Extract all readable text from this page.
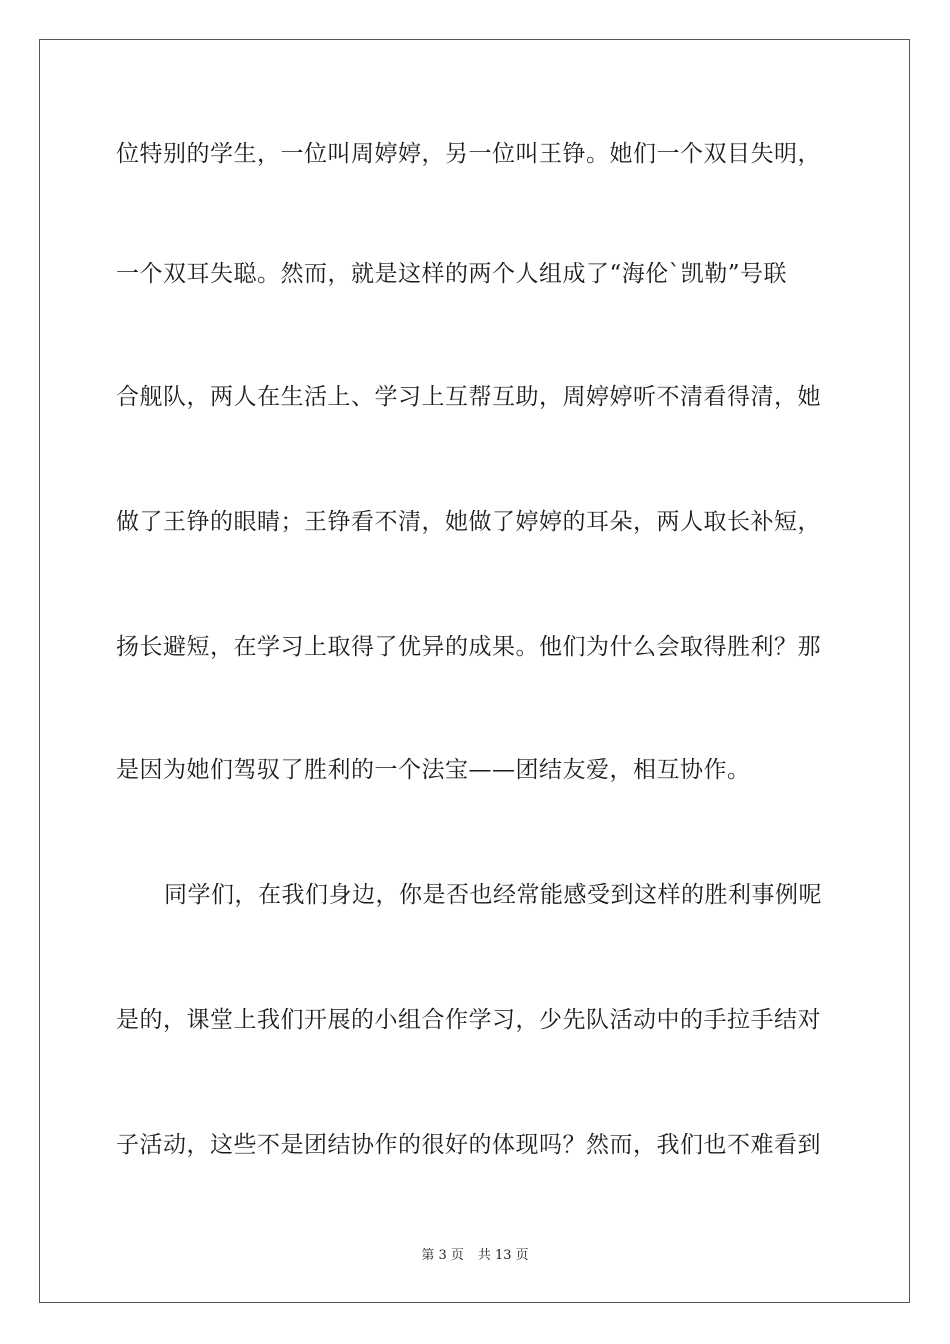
位特别的学生，一位叫周婷婷，另一位叫王铮。她们一个双目失明，
一个双耳失聪。然而，就是这样的两个人组成了“海伦`凯勒”号联
合舰队，两人在生活上、学习上互帮互助，周婷婷听不清看得清，她
做了王铮的眼睛；王铮看不清，她做了婷婷的耳朵，两人取长补短，
扬长避短，在学习上取得了优异的成果。他们为什么会取得胜利？那
是因为她们驾驭了胜利的一个法宝——团结友爱，相互协作。
同学们，在我们身边，你是否也经常能感受到这样的胜利事例呢
是的，课堂上我们开展的小组合作学习，少先队活动中的手拉手结对
子活动，这些不是团结协作的很好的体现吗？然而，我们也不难看到
第 3 页 共 13 页
